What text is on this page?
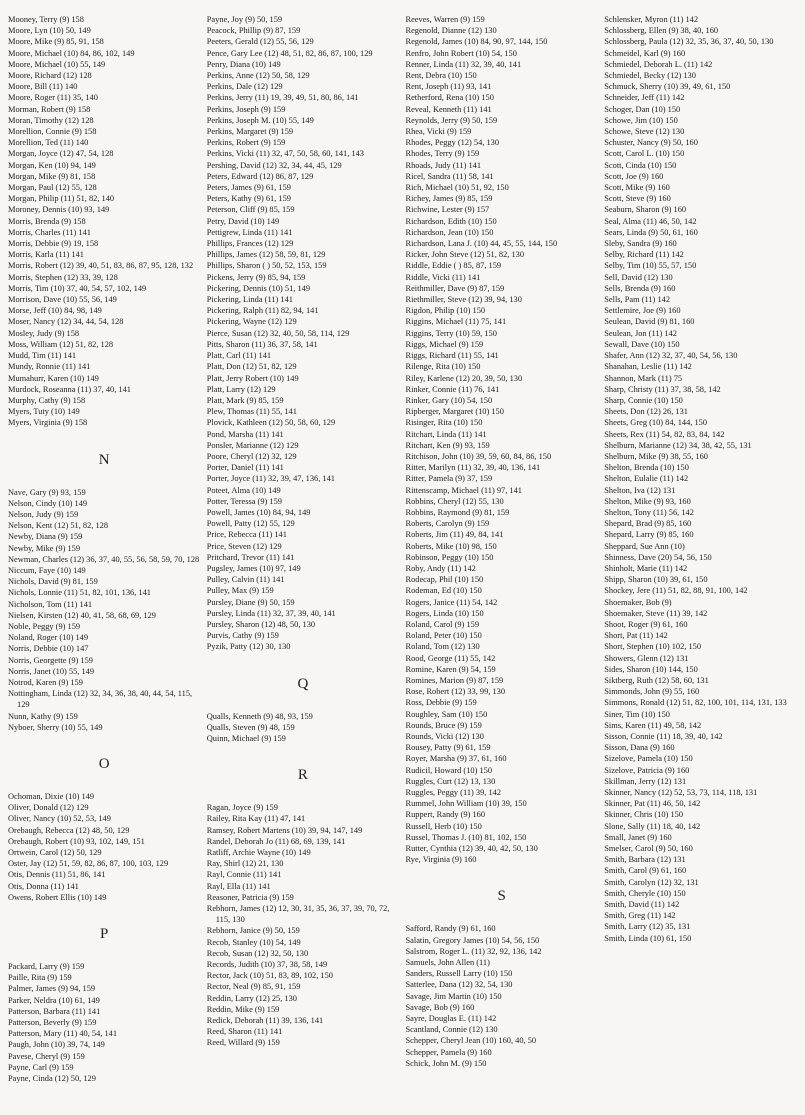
Mooney, Terry (9) 158
Moore, Lyn (10) 50, 149
Moore, Mike (9) 85, 91, 158
Moore, Michael (10) 84, 86, 102, 149
Moore, Michael (10) 55, 149
Moore, Richard (12) 128
Moore, Bill (11) 140
Moore, Roger (11) 35, 140
Morman, Robert (9) 158
Moran, Timothy (12) 128
Morellion, Connie (9) 158
Morellion, Ted (11) 140
Morgan, Joyce (12) 47, 54, 128
Morgan, Ken (10) 94, 149
Morgan, Mike (9) 81, 158
Morgan, Paul (12) 55, 128
Morgan, Philip (11) 51, 82, 140
Moroney, Dennis (10) 93, 149
Morris, Brenda (9) 158
Morris, Charles (11) 141
Morris, Debbie (9) 19, 158
Morris, Karla (11) 141
Morris, Robert (12) 39, 40, 51, 83, 86, 87, 95, 128, 132
Morris, Stephen (12) 33, 39, 128
Morris, Tim (10) 37, 40, 54, 57, 102, 149
Morrison, Dave (10) 55, 56, 149
Morse, Jeff (10) 84, 98, 149
Moser, Nancy (12) 34, 44, 54, 128
Mosley, Judy (9) 158
Moss, William (12) 51, 82, 128
Mudd, Tim (11) 141
Mundy, Ronnie (11) 141
Mumahurr, Karen (10) 149
Murdock, Roseanna (11) 37, 40, 141
Murphy, Cathy (9) 158
Myers, Tuty (10) 149
Myers, Virginia (9) 158
N
Nave, Gary (9) 93, 159
Nelson, Cindy (10) 149
Nelson, Judy (9) 159
Nelson, Kent (12) 51, 82, 128
Newby, Diana (9) 159
Newby, Mike (9) 159
Newman, Charles (12) 36, 37, 40, 55, 56, 58, 59, 70, 128
Niccum, Faye (10) 149
Nichols, David (9) 81, 159
Nichols, Lonnie (11) 51, 82, 101, 136, 141
Nicholson, Tom (11) 141
Nielsen, Kirsten (12) 40, 41, 58, 68, 69, 129
Noble, Peggy (9) 159
Noland, Roger (10) 149
Norris, Debbie (10) 147
Norris, Georgette (9) 159
Norris, Janet (10) 55, 149
Notrod, Karen (9) 159
Nottingham, Linda (12) 32, 34, 36, 38, 40, 44, 54, 115, 129
Nunn, Kathy (9) 159
Nyboer, Sherry (10) 55, 149
O
Ochoman, Dixie (10) 149
Oliver, Donald (12) 129
Oliver, Nancy (10) 52, 53, 149
Orebaugh, Rebecca (12) 48, 50, 129
Orebaugh, Robert (10) 93, 102, 149, 151
Ortwein, Carol (12) 50, 129
Oster, Jay (12) 51, 59, 82, 86, 87, 100, 103, 129
Otis, Dennis (11) 51, 86, 141
Otis, Donna (11) 141
Owens, Robert Ellis (10) 149
P
Packard, Larry (9) 159
Paille, Rita (9) 159
Palmer, James (9) 94, 159
Parker, Neldra (10) 61, 149
Patterson, Barbara (11) 141
Patterson, Beverly (9) 159
Patterson, Mary (11) 40, 54, 141
Paugh, John (10) 39, 74, 149
Pavese, Cheryl (9) 159
Payne, Carl (9) 159
Payne, Cinda (12) 50, 129
Payne, Joy (9) 50, 159
Peacock, Phillip (9) 87, 159
Peeters, Gerald (12) 55, 56, 129
Pence, Gary Lee (12) 48, 51, 82, 86, 87, 100, 129
Penry, Diana (10) 149
Perkins, Anne (12) 50, 58, 129
Perkins, Dale (12) 129
Perkins, Jerry (11) 19, 39, 49, 51, 80, 86, 141
Perkins, Joseph (9) 159
Perkins, Joseph M. (10) 55, 149
Perkins, Margaret (9) 159
Perkins, Robert (9) 159
Perkins, Vicki (11) 32, 47, 50, 58, 60, 141, 143
Pershing, David (12) 32, 34, 44, 45, 129
Peters, Edward (12) 86, 87, 129
Peters, James (9) 61, 159
Peters, Kathy (9) 61, 159
Peterson, Cliff (9) 85, 159
Petry, David (10) 149
Pettigrew, Linda (11) 141
Phillips, Frances (12) 129
Phillips, James (12) 58, 59, 81, 129
Phillips, Sharon ( ) 50, 52, 153, 159
Pickens, Jerry (9) 85, 94, 159
Pickering, Dennis (10) 51, 149
Pickering, Linda (11) 141
Pickering, Ralph (11) 82, 94, 141
Pickering, Wayne (12) 129
Pierce, Susan (12) 32, 40, 50, 58, 114, 129
Pitts, Sharon (11) 36, 37, 58, 141
Platt, Carl (11) 141
Platt, Don (12) 51, 82, 129
Platt, Jerry Robert (10) 149
Platt, Larry (12) 129
Platt, Mark (9) 85, 159
Plew, Thomas (11) 55, 141
Plovick, Kathleen (12) 50, 58, 60, 129
Pond, Marsha (11) 141
Ponsler, Marianne (12) 129
Poore, Cheryl (12) 32, 129
Porter, Daniel (11) 141
Porter, Joyce (11) 32, 39, 47, 136, 141
Poteet, Alma (10) 149
Potter, Teressa (9) 159
Powell, James (10) 84, 94, 149
Powell, Patty (12) 55, 129
Price, Rebecca (11) 141
Price, Steven (12) 129
Pritchard, Trevor (11) 141
Pugsley, James (10) 97, 149
Pulley, Calvin (11) 141
Pulley, Max (9) 159
Pursley, Diane (9) 50, 159
Pursley, Linda (11) 32, 37, 39, 40, 141
Pursley, Sharon (12) 48, 50, 130
Purvis, Cathy (9) 159
Pyzik, Patty (12) 30, 130
Q
Qualls, Kenneth (9) 48, 93, 159
Qualls, Steven (9) 48, 159
Quinn, Michael (9) 159
R
Ragan, Joyce (9) 159
Railey, Rita Kay (11) 47, 141
Ramsey, Robert Martens (10) 39, 94, 147, 149
Randel, Deborah Jo (11) 68, 69, 139, 141
Ratliff, Archie Wayne (10) 149
Ray, Shirl (12) 21, 130
Rayl, Connie (11) 141
Rayl, Ella (11) 141
Reasoner, Patricia (9) 159
Rebhorn, James (12) 12, 30, 31, 35, 36, 37, 39, 70, 72, 115, 130
Rebhorn, Janice (9) 50, 159
Recob, Stanley (10) 54, 149
Recob, Susan (12) 32, 50, 130
Records, Judith (10) 37, 38, 58, 149
Rector, Jack (10) 51, 83, 89, 102, 150
Rector, Neal (9) 85, 91, 159
Reddin, Larry (12) 25, 130
Reddin, Mike (9) 159
Redick, Deborah (11) 39, 136, 141
Reed, Sharon (11) 141
Reed, Willard (9) 159
Reeves, Warren (9) 159
Regenold, Dianne (12) 130
Regenold, James (10) 84, 90, 97, 144, 150
Renfro, John Robert (10) 54, 150
Renner, Linda (11) 32, 39, 40, 141
Rent, Debra (10) 150
Rent, Joseph (11) 93, 141
Retherford, Rena (10) 150
Reveal, Kenneth (11) 141
Reynolds, Jerry (9) 50, 159
Rhea, Vicki (9) 159
Rhodes, Peggy (12) 54, 130
Rhodes, Terry (9) 159
Rhoads, Judy (11) 141
Ricel, Sandra (11) 58, 141
Rich, Michael (10) 51, 92, 150
Richey, James (9) 85, 159
Richwine, Lester (9) 157
Richardson, Edith (10) 150
Richardson, Jean (10) 150
Richardson, Lana J. (10) 44, 45, 55, 144, 150
Ricker, John Steve (12) 51, 82, 130
Riddle, Eddie ( ) 85, 87, 159
Riddle, Vicki (11) 141
Reithmiller, Dave (9) 87, 159
Riethmiller, Steve (12) 39, 94, 130
Rigdon, Philip (10) 150
Riggins, Michael (11) 75, 141
Riggins, Terry (10) 59, 150
Riggs, Michael (9) 159
Riggs, Richard (11) 55, 141
Rilenge, Rita (10) 150
Riley, Karlene (12) 20, 39, 50, 130
Rinker, Connie (11) 76, 141
Rinker, Gary (10) 54, 150
Ripberger, Margaret (10) 150
Risinger, Rita (10) 150
Ritchart, Linda (11) 141
Ritchart, Ken (9) 93, 159
Ritchison, John (10) 39, 59, 60, 84, 86, 150
Ritter, Marilyn (11) 32, 39, 40, 136, 141
Ritter, Pamela (9) 37, 159
Rittenscamp, Michael (11) 97, 141
Robbins, Cheryl (12) 55, 130
Robbins, Raymond (9) 81, 159
Roberts, Carolyn (9) 159
Roberts, Jim (11) 49, 84, 141
Roberts, Mike (10) 98, 150
Robinson, Peggy (10) 150
Roby, Andy (11) 142
Rodecap, Phil (10) 150
Rodeman, Ed (10) 150
Rogers, Janice (11) 54, 142
Rogers, Linda (10) 150
Roland, Carol (9) 159
Roland, Peter (10) 150
Roland, Tom (12) 130
Rood, George (11) 55, 142
Romine, Karen (9) 54, 159
Romines, Marion (9) 87, 159
Rose, Robert (12) 33, 99, 130
Ross, Debbie (9) 159
Roughley, Sam (10) 150
Rounds, Bruce (9) 159
Rounds, Vicki (12) 130
Rousey, Patty (9) 61, 159
Royer, Marsha (9) 37, 61, 160
Rudicil, Howard (10) 150
Ruggles, Curt (12) 13, 130
Ruggles, Peggy (11) 39, 142
Rummel, John William (10) 39, 150
Ruppert, Randy (9) 160
Russell, Herb (10) 150
Russel, Thomas J. (10) 81, 102, 150
Rutter, Cynthia (12) 39, 40, 42, 50, 130
Rye, Virginia (9) 160
S
Safford, Randy (9) 61, 160
Salatin, Gregory James (10) 54, 56, 150
Salstrom, Roger L. (11) 32, 92, 136, 142
Samuels, John Allen (11)
Sanders, Russell Larry (10) 150
Satterlee, Dana (12) 32, 54, 130
Savage, Jim Martin (10) 150
Savage, Bob (9) 160
Sayre, Douglas E. (11) 142
Scantland, Connie (12) 130
Schepper, Cheryl Jean (10) 160, 40, 50
Schepper, Pamela (9) 160
Schick, John M. (9) 150
Schlensker, Myron (11) 142
Schlossberg, Ellen (9) 38, 40, 160
Schlossberg, Paula (12) 32, 35, 36, 37, 40, 50, 130
Schmeidel, Karl (9) 160
Schmiedel, Deborah L. (11) 142
Schmiedel, Becky (12) 130
Schmuck, Sherry (10) 39, 49, 61, 150
Schneider, Jeff (11) 142
Schoger, Dan (10) 150
Schowe, Jim (10) 150
Schowe, Steve (12) 130
Schuster, Nancy (9) 50, 160
Scott, Carol L. (10) 150
Scott, Cinda (10) 150
Scott, Joe (9) 160
Scott, Mike (9) 160
Scott, Steve (9) 160
Seaburn, Sharon (9) 160
Seal, Alma (11) 46, 50, 142
Sears, Linda (9) 50, 61, 160
Sleby, Sandra (9) 160
Selby, Richard (11) 142
Selby, Tim (10) 55, 57, 150
Sell, David (12) 130
Sells, Brenda (9) 160
Sells, Pam (11) 142
Settlemire, Joe (9) 160
Seulean, David (9) 81, 160
Seulean, Jon (11) 142
Sewall, Dave (10) 150
Shafer, Ann (12) 32, 37, 40, 54, 56, 130
Shanahan, Leslie (11) 142
Shannon, Mark (11) 75
Sharp, Christy (11) 37, 38, 58, 142
Sharp, Connie (10) 150
Sheets, Don (12) 26, 131
Sheets, Greg (10) 84, 144, 150
Sheets, Rex (11) 54, 82, 83, 84, 142
Shelburn, Marianne (12) 34, 38, 42, 55, 131
Shelburn, Mike (9) 38, 55, 160
Shelton, Brenda (10) 150
Shelton, Eulalie (11) 142
Shelton, Iva (12) 131
Shelton, Mike (9) 93, 160
Shelton, Tony (11) 56, 142
Shepard, Brad (9) 85, 160
Shepard, Larry (9) 85, 160
Sheppard, Sue Ann (10)
Shinness, Dave (20) 54, 56, 150
Shinholt, Marie (11) 142
Shipp, Sharon (10) 39, 61, 150
Shockey, Jere (11) 51, 82, 88, 91, 100, 142
Shoemaker, Bob (9)
Shoemaker, Steve (11) 39, 142
Shoot, Roger (9) 61, 160
Short, Pat (11) 142
Short, Stephen (10) 102, 150
Showers, Glenn (12) 131
Sides, Sharon (10) 144, 150
Siktberg, Ruth (12) 58, 60, 131
Simmonds, John (9) 55, 160
Simmons, Ronald (12) 51, 82, 100, 101, 114, 131, 133
Siner, Tim (10) 150
Sims, Karen (11) 49, 58, 142
Sisson, Connie (11) 18, 39, 40, 142
Sisson, Dana (9) 160
Sizelove, Pamela (10) 150
Sizelove, Patricia (9) 160
Skillman, Jerry (12) 131
Skinner, Nancy (12) 52, 53, 73, 114, 118, 131
Skinner, Pat (11) 46, 50, 142
Skinner, Chris (10) 150
Slone, Sally (11) 18, 40, 142
Small, Janet (9) 160
Smelser, Carol (9) 50, 160
Smith, Barbara (12) 131
Smith, Carol (9) 61, 160
Smith, Carolyn (12) 32, 131
Smith, Cheryle (10) 150
Smith, David (11) 142
Smith, Greg (11) 142
Smith, Larry (12) 35, 131
Smith, Linda (10) 61, 150
